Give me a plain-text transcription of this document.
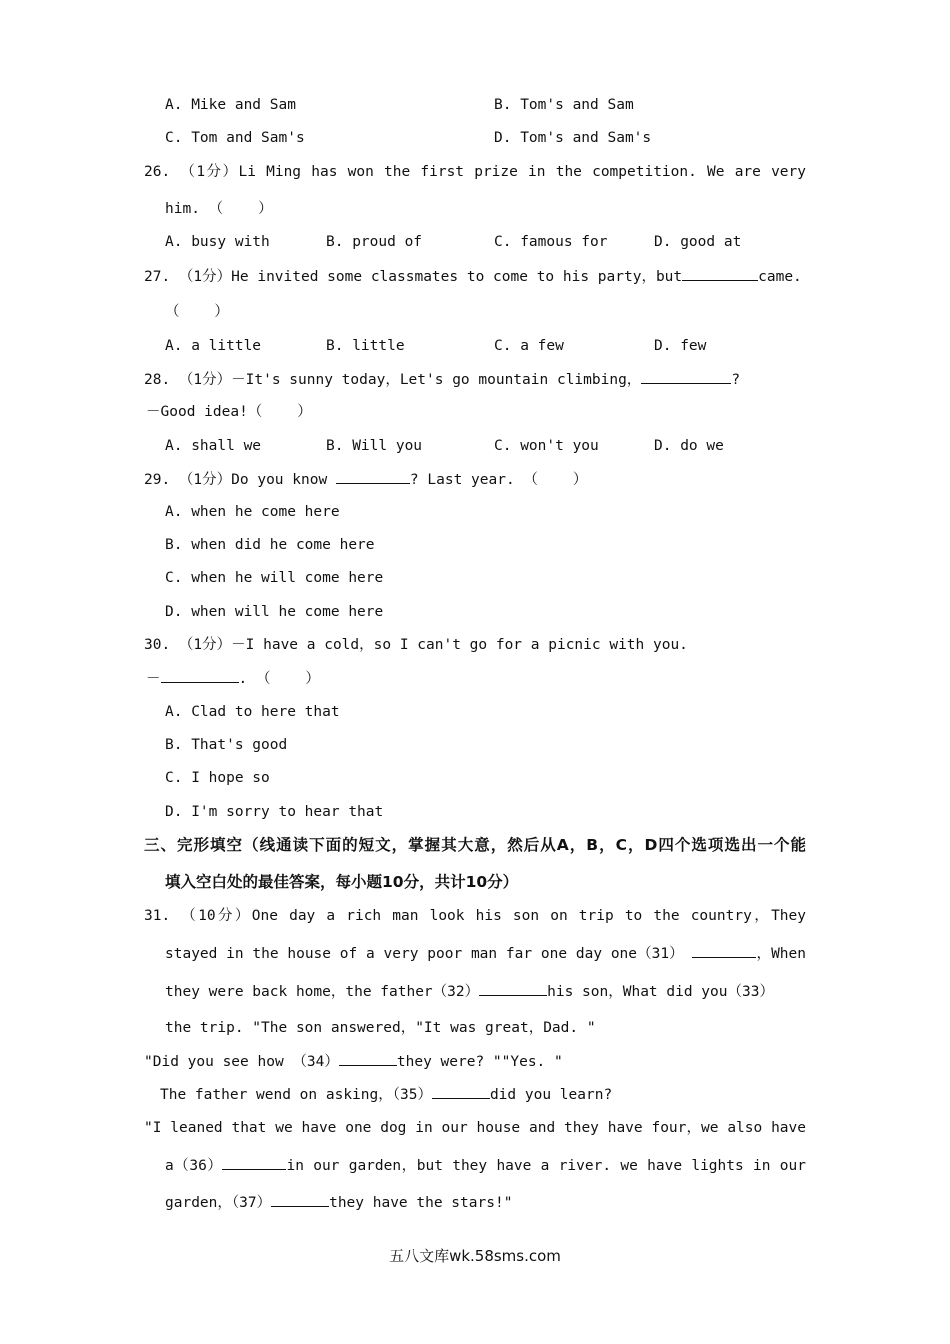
A. Mike and Sam	B. Tom's and Sam
C. Tom and Sam's	D. Tom's and Sam's
26. （1分）Li Ming has won the first prize in the competition. We are very
him. （    ）
A. busy with	B. proud of	C. famous for	D. good at
27. （1分）He invited some classmates to come to his party，but	came.
（    ）
A. a little	B. little	C. a few	D. few
28. （1分）－It's sunny today，Let's go mountain climbing，	?
－Good idea!（    ）
A. shall we	B. Will you	C. won't you	D. do we
29. （1分）Do you know	? Last year. （    ）
A. when he come here
B. when did he come here
C. when he will come here
D. when will he come here
30. （1分）－I have a cold，so I can't go for a picnic with you.
－	. （    ）
A. Clad to here that
B. That's good
C. I hope so
D. I'm sorry to hear that
三、完形填空（线通读下面的短文，掌握其大意，然后从A，B，C，D四个选项选出一个能
填入空白处的最佳答案，每小题10分，共计10分）
31. （10分）One day a rich man look his son on trip to the country，They
stayed in the house of a very poor man far one day one（31）	，When
they were back home，the father（32）	his son，What did you（33）
the trip. "The son answered，"It was great，Dad. "
"Did you see how （34）	they were? ""Yes. "
The father wend on asking，（35）	did you learn?
"I leaned that we have one dog in our house and they have four，we also have
a（36）	in our garden，but they have a river. we have lights in our
garden，（37）	they have the stars!"
五八文库wk.58sms.com
